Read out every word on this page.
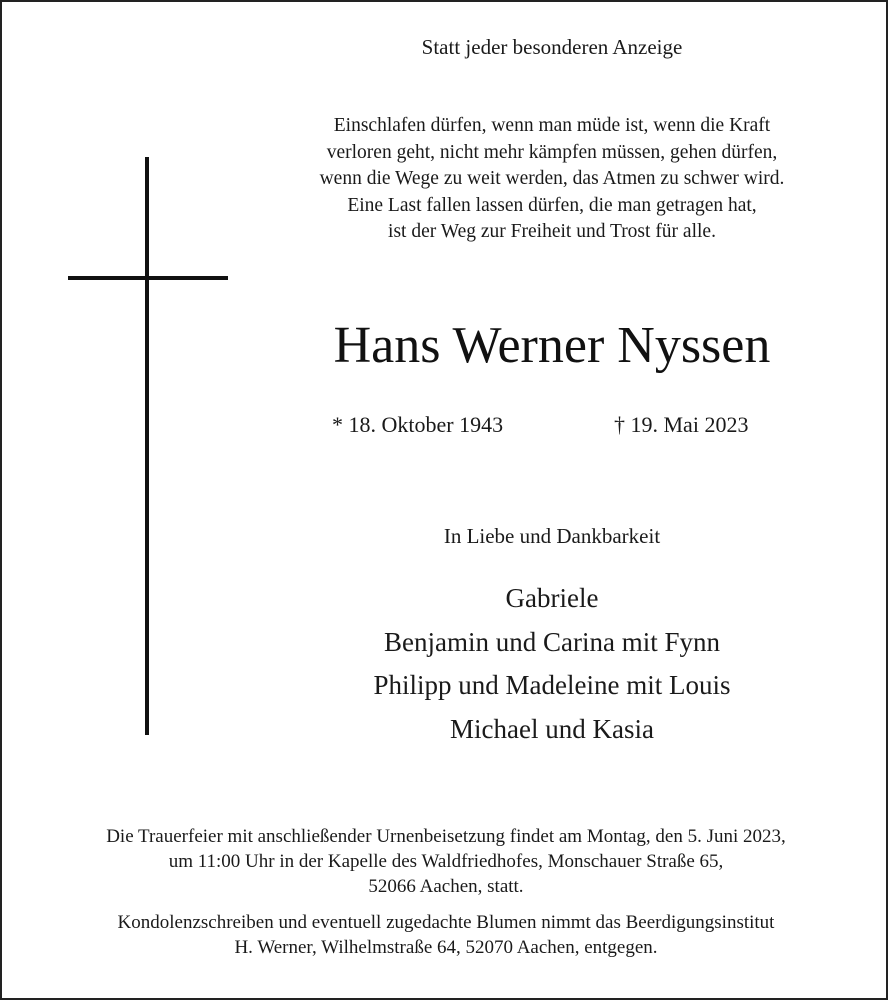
Statt jeder besonderen Anzeige
Einschlafen dürfen, wenn man müde ist, wenn die Kraft
verloren geht, nicht mehr kämpfen müssen, gehen dürfen,
wenn die Wege zu weit werden, das Atmen zu schwer wird.
Eine Last fallen lassen dürfen, die man getragen hat,
ist der Weg zur Freiheit und Trost für alle.
Hans Werner Nyssen
* 18. Oktober 1943	† 19. Mai 2023
In Liebe und Dankbarkeit
Gabriele
Benjamin und Carina mit Fynn
Philipp und Madeleine mit Louis
Michael und Kasia
Die Trauerfeier mit anschließender Urnenbeisetzung findet am Montag, den 5. Juni 2023,
um 11:00 Uhr in der Kapelle des Waldfriedhofes, Monschauer Straße 65,
52066 Aachen, statt.
Kondolenzschreiben und eventuell zugedachte Blumen nimmt das Beerdigungsinstitut
H. Werner, Wilhelmstraße 64, 52070 Aachen, entgegen.
